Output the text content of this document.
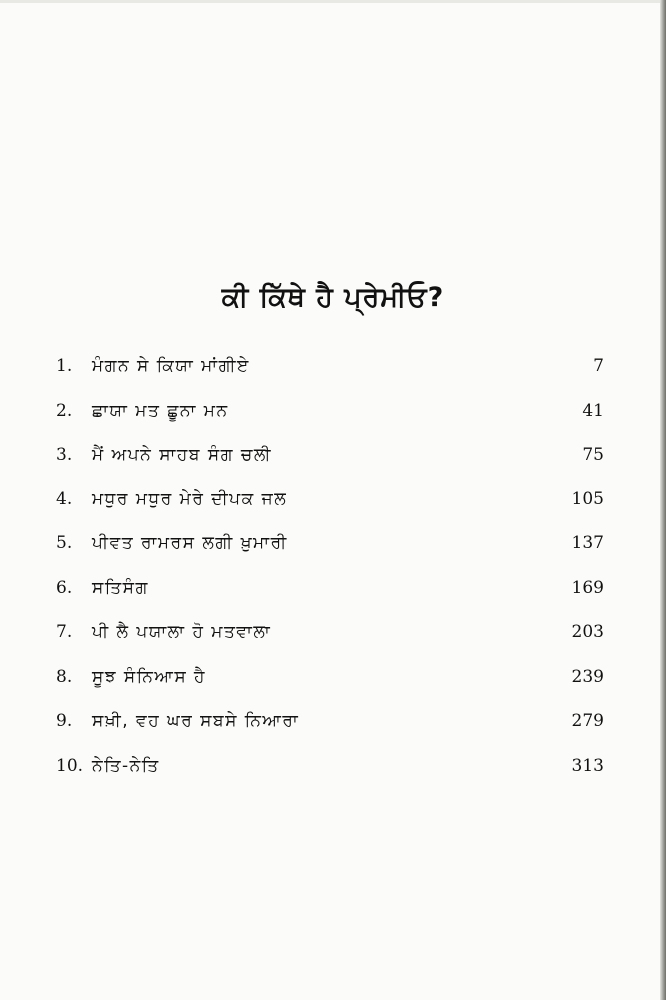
ਕੀ ਕਿੱਥੇ ਹੈ ਪ੍ਰੇਮੀਓ?
1.	ਮੰਗਨ ਸੇ ਕਿਯਾ ਮਾਂਗੀਏ	7
2.	ਛਾਯਾ ਮਤ ਛੂਨਾ ਮਨ	41
3.	ਮੈਂ ਅਪਨੇ ਸਾਹਬ ਸੰਗ ਚਲੀ	75
4.	ਮਧੁਰ ਮਧੁਰ ਮੇਰੇ ਦੀਪਕ ਜਲ	105
5.	ਪੀਵਤ ਰਾਮਰਸ ਲਗੀ ਖ਼ੁਮਾਰੀ	137
6.	ਸਤਿਸੰਗ	169
7.	ਪੀ ਲੈ ਪਯਾਲਾ ਹੋ ਮਤਵਾਲਾ	203
8.	ਸੂਝ ਸੰਨਿਆਸ ਹੈ	239
9.	ਸਖ਼ੀ, ਵਹ ਘਰ ਸਬਸੇ ਨਿਆਰਾ	279
10. ਨੇਤਿ-ਨੇਤਿ	313
